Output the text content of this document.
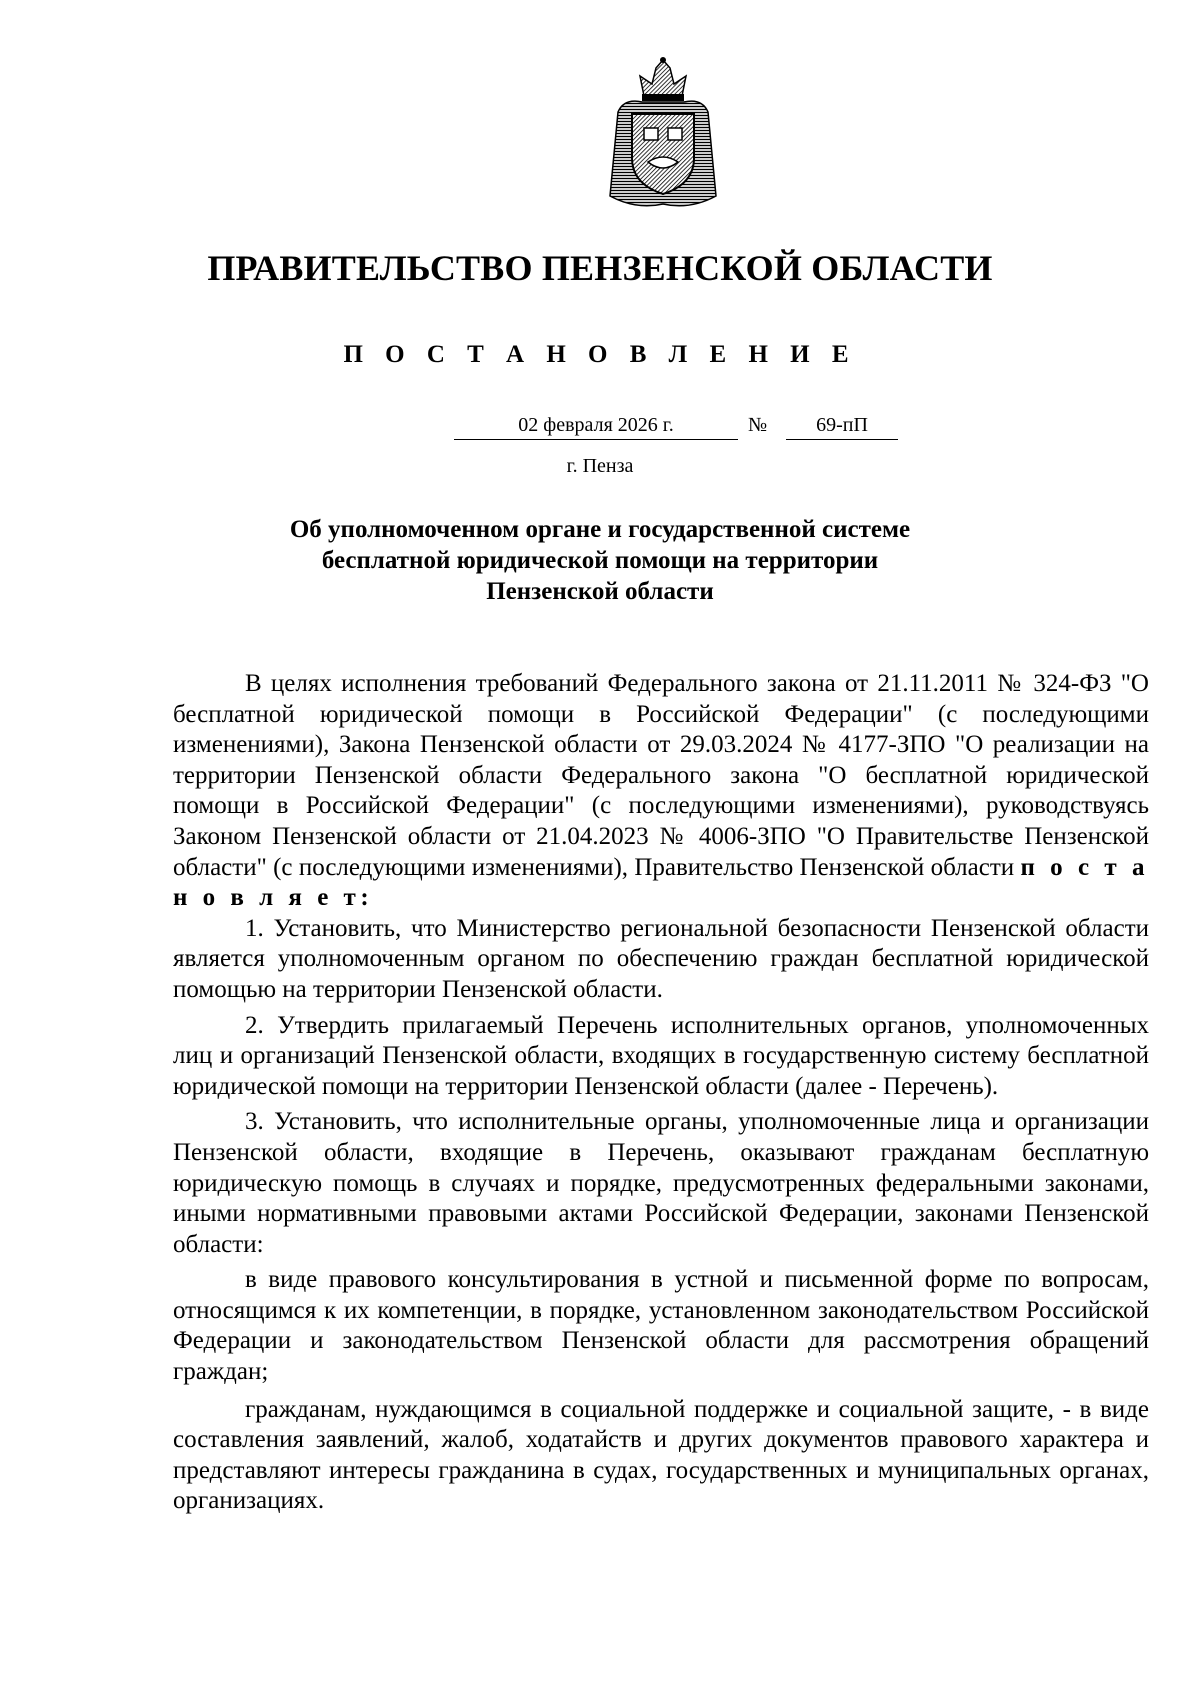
ПРАВИТЕЛЬСТВО ПЕНЗЕНСКОЙ ОБЛАСТИ
П О С Т А Н О В Л Е Н И Е
02 февраля 2026 г.	№	69-пП
г. Пенза
Об уполномоченном органе и государственной системе
бесплатной юридической помощи на территории
Пензенской области

В целях исполнения требований Федерального закона от 21.11.2011 № 324-ФЗ "О бесплатной юридической помощи в Российской Федерации" (с последующими изменениями), Закона Пензенской области от 29.03.2024 № 4177-ЗПО "О реализации на территории Пензенской области Федерального закона "О бесплатной юридической помощи в Российской Федерации" (с последующими изменениями), руководствуясь Законом Пензенской области от 21.04.2023 № 4006-ЗПО "О Правительстве Пензенской области" (с последующими изменениями), Правительство Пензенской области п о с т а н о в л я е т:

1. Установить, что Министерство региональной безопасности Пензенской области является уполномоченным органом по обеспечению граждан бесплатной юридической помощью на территории Пензенской области.

2. Утвердить прилагаемый Перечень исполнительных органов, уполномоченных лиц и организаций Пензенской области, входящих в государственную систему бесплатной юридической помощи на территории Пензенской области (далее - Перечень).

3. Установить, что исполнительные органы, уполномоченные лица и организации Пензенской области, входящие в Перечень, оказывают гражданам бесплатную юридическую помощь в случаях и порядке, предусмотренных федеральными законами, иными нормативными правовыми актами Российской Федерации, законами Пензенской области:

в виде правового консультирования в устной и письменной форме по вопросам, относящимся к их компетенции, в порядке, установленном законодательством Российской Федерации и законодательством Пензенской области для рассмотрения обращений граждан;

гражданам, нуждающимся в социальной поддержке и социальной защите, - в виде составления заявлений, жалоб, ходатайств и других документов правового характера и представляют интересы гражданина в судах, государственных и муниципальных органах, организациях.
